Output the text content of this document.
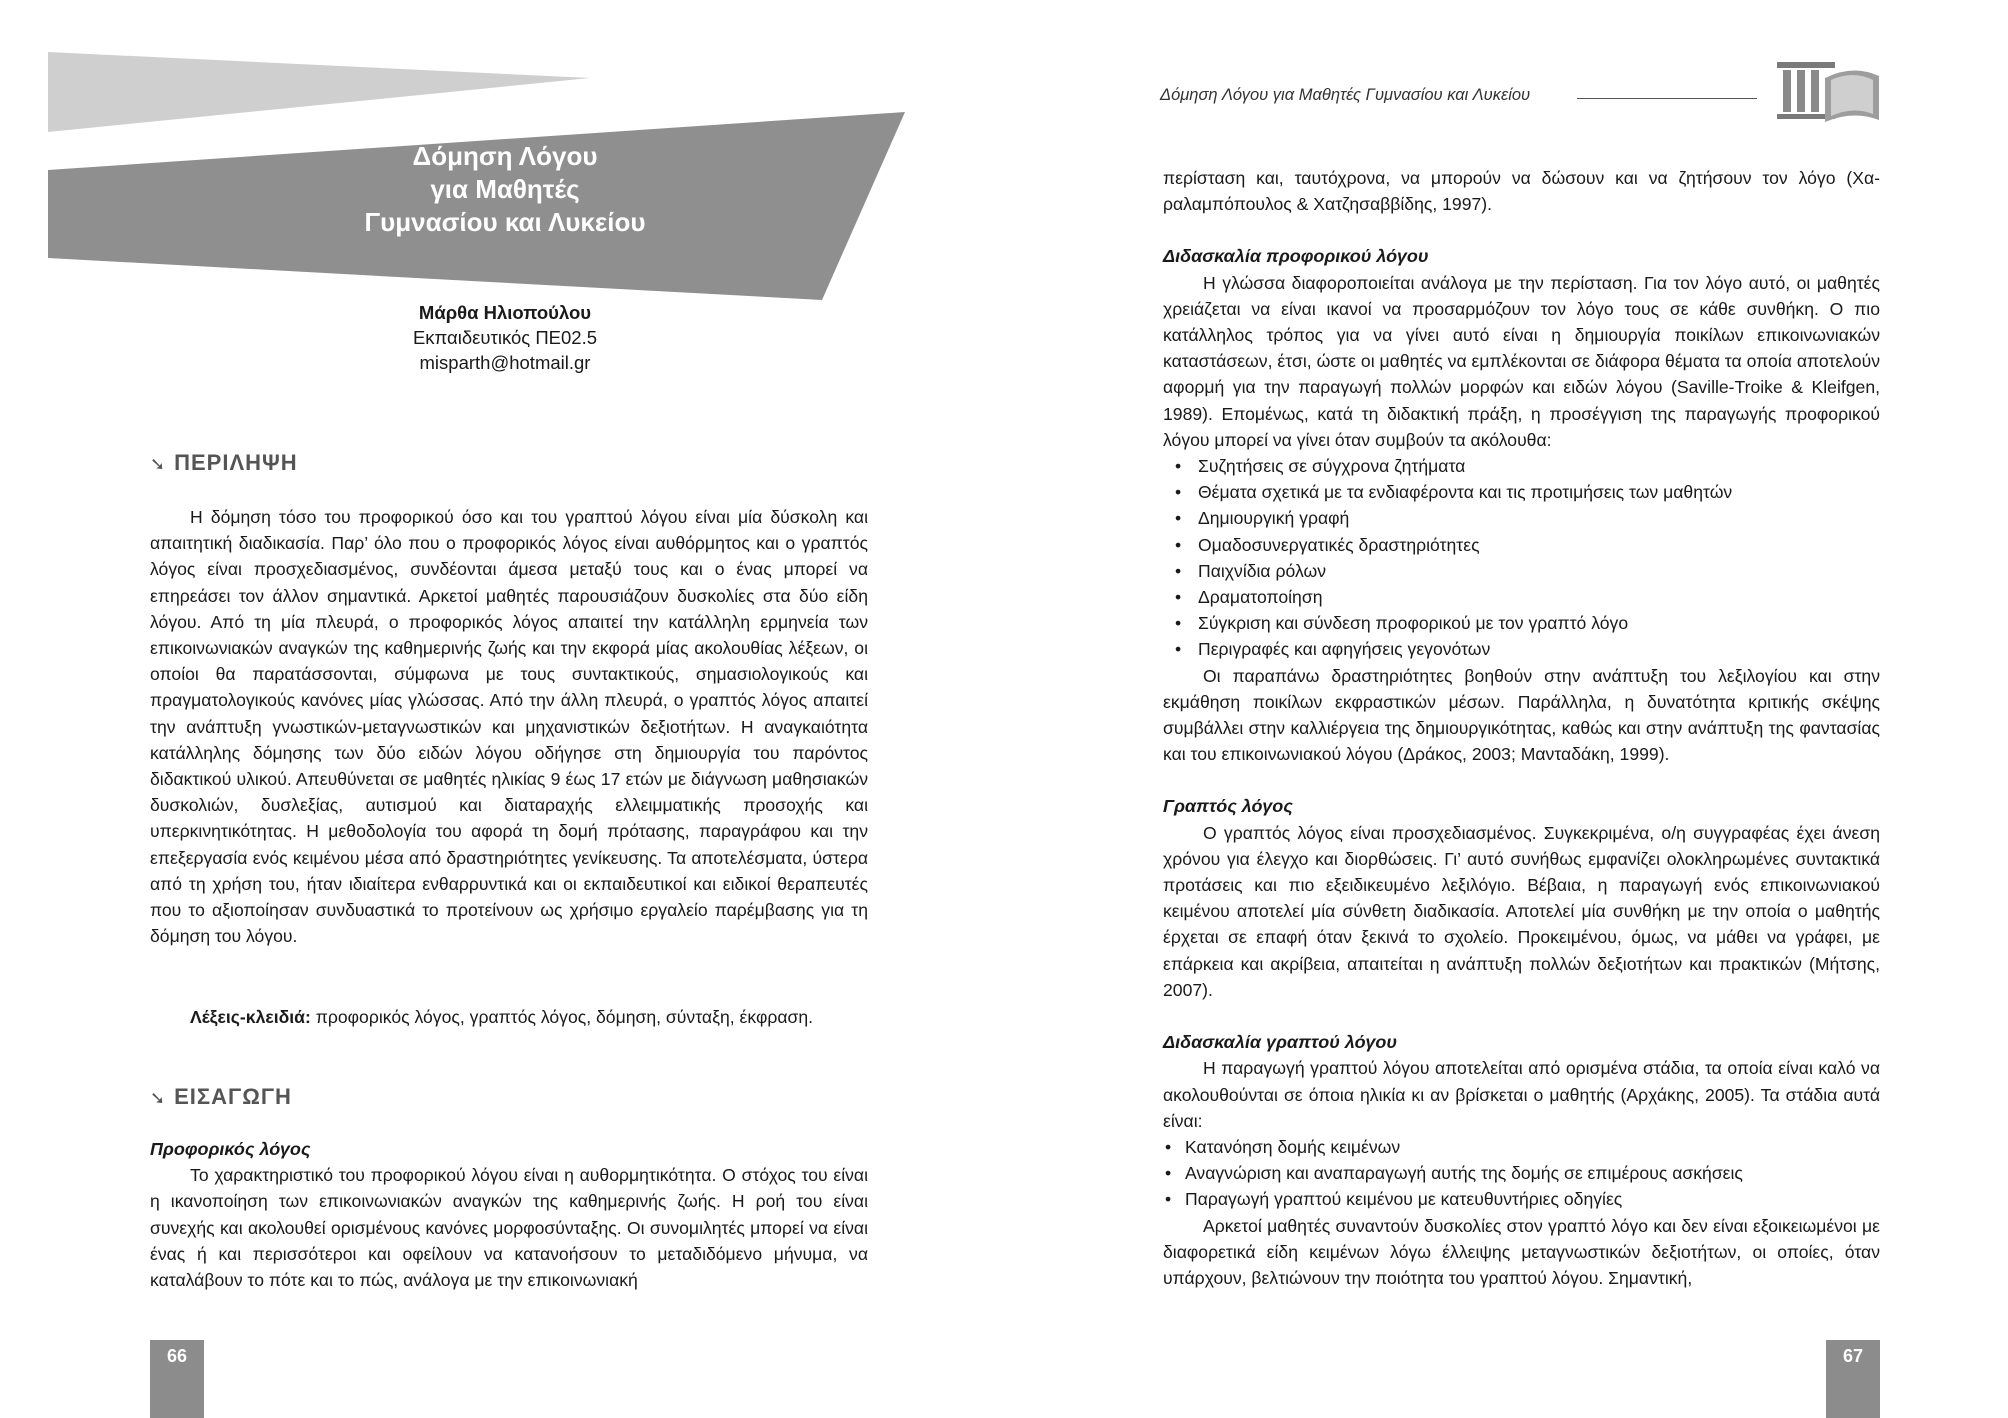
Δόμηση Λόγου
για Μαθητές
Γυμνασίου και Λυκείου
Μάρθα Ηλιοπούλου
Εκπαιδευτικός ΠΕ02.5
misparth@hotmail.gr
➘ ΠΕΡΙΛΗΨΗ

Η δόμηση τόσο του προφορικού όσο και του γραπτού λόγου είναι μία δύσκολη και απαιτητική διαδικασία. Παρ’ όλο που ο προφορικός λόγος είναι αυθόρμητος και ο γραπτός λόγος είναι προσχεδιασμένος, συνδέονται άμεσα μεταξύ τους και ο ένας μπορεί να επηρεάσει τον άλλον σημαντικά. Αρκετοί μαθητές παρουσιάζουν δυσκολίες στα δύο είδη λόγου. Από τη μία πλευρά, ο προφορικός λόγος απαιτεί την κατάλληλη ερμηνεία των επικοινωνιακών αναγκών της καθημερινής ζωής και την εκφορά μίας ακολουθίας λέξεων, οι οποίοι θα παρατάσσονται, σύμφωνα με τους συντακτικούς, σημασιολογικούς και πραγματολογικούς κανόνες μίας γλώσσας. Από την άλλη πλευρά, ο γραπτός λόγος απαιτεί την ανάπτυξη γνωστικών-μεταγνωστικών και μηχανιστικών δεξιοτήτων. Η αναγκαιότητα κατάλληλης δόμησης των δύο ειδών λόγου οδήγησε στη δημιουργία του παρόντος διδακτικού υλικού. Απευθύνεται σε μαθητές ηλικίας 9 έως 17 ετών με διάγνωση μαθησιακών δυσκολιών, δυσλεξίας, αυτισμού και διαταραχής ελλειμματικής προσοχής και υπερκινητικότητας. Η μεθοδολογία του αφορά τη δομή πρότασης, παραγράφου και την επεξεργασία ενός κειμένου μέσα από δραστηριότητες γενίκευσης. Τα αποτελέσματα, ύστερα από τη χρήση του, ήταν ιδιαίτερα ενθαρρυντικά και οι εκπαιδευτικοί και ειδικοί θεραπευτές που το αξιοποίησαν συνδυαστικά το προτείνουν ως χρήσιμο εργαλείο παρέμβασης για τη δόμηση του λόγου.

Λέξεις-κλειδιά: προφορικός λόγος, γραπτός λόγος, δόμηση, σύνταξη, έκφραση.

➘ ΕΙΣΑΓΩΓΗ

Προφορικός λόγος

Το χαρακτηριστικό του προφορικού λόγου είναι η αυθορμητικότητα. Ο στόχος του είναι η ικανοποίηση των επικοινωνιακών αναγκών της καθημερινής ζωής. Η ροή του είναι συνεχής και ακολουθεί ορισμένους κανόνες μορφοσύνταξης. Οι συνομιλητές μπορεί να είναι ένας ή και περισσότεροι και οφείλουν να κατανοήσουν το μεταδιδόμενο μήνυμα, να καταλάβουν το πότε και το πώς, ανάλογα με την επικοινωνιακή

66
Δόμηση Λόγου για Μαθητές Γυμνασίου και Λυκείου

περίσταση και, ταυτόχρονα, να μπορούν να δώσουν και να ζητήσουν τον λόγο (Χαραλαμπόπουλος & Χατζησαββίδης, 1997).

Διδασκαλία προφορικού λόγου

Η γλώσσα διαφοροποιείται ανάλογα με την περίσταση. Για τον λόγο αυτό, οι μαθητές χρειάζεται να είναι ικανοί να προσαρμόζουν τον λόγο τους σε κάθε συνθήκη. Ο πιο κατάλληλος τρόπος για να γίνει αυτό είναι η δημιουργία ποικίλων επικοινωνιακών καταστάσεων, έτσι, ώστε οι μαθητές να εμπλέκονται σε διάφορα θέματα τα οποία αποτελούν αφορμή για την παραγωγή πολλών μορφών και ειδών λόγου (Saville-Troike & Kleifgen, 1989). Επομένως, κατά τη διδακτική πράξη, η προσέγγιση της παραγωγής προφορικού λόγου μπορεί να γίνει όταν συμβούν τα ακόλουθα:

• Συζητήσεις σε σύγχρονα ζητήματα
• Θέματα σχετικά με τα ενδιαφέροντα και τις προτιμήσεις των μαθητών
• Δημιουργική γραφή
• Ομαδοσυνεργατικές δραστηριότητες
• Παιχνίδια ρόλων
• Δραματοποίηση
• Σύγκριση και σύνδεση προφορικού με τον γραπτό λόγο
• Περιγραφές και αφηγήσεις γεγονότων

Οι παραπάνω δραστηριότητες βοηθούν στην ανάπτυξη του λεξιλογίου και στην εκμάθηση ποικίλων εκφραστικών μέσων. Παράλληλα, η δυνατότητα κριτικής σκέψης συμβάλλει στην καλλιέργεια της δημιουργικότητας, καθώς και στην ανάπτυξη της φαντασίας και του επικοινωνιακού λόγου (Δράκος, 2003; Μανταδάκη, 1999).

Γραπτός λόγος

Ο γραπτός λόγος είναι προσχεδιασμένος. Συγκεκριμένα, ο/η συγγραφέας έχει άνεση χρόνου για έλεγχο και διορθώσεις. Γι’ αυτό συνήθως εμφανίζει ολοκληρωμένες συντακτικά προτάσεις και πιο εξειδικευμένο λεξιλόγιο. Βέβαια, η παραγωγή ενός επικοινωνιακού κειμένου αποτελεί μία σύνθετη διαδικασία. Αποτελεί μία συνθήκη με την οποία ο μαθητής έρχεται σε επαφή όταν ξεκινά το σχολείο. Προκειμένου, όμως, να μάθει να γράφει, με επάρκεια και ακρίβεια, απαιτείται η ανάπτυξη πολλών δεξιοτήτων και πρακτικών (Μήτσης, 2007).

Διδασκαλία γραπτού λόγου

Η παραγωγή γραπτού λόγου αποτελείται από ορισμένα στάδια, τα οποία είναι καλό να ακολουθούνται σε όποια ηλικία κι αν βρίσκεται ο μαθητής (Αρχάκης, 2005). Τα στάδια αυτά είναι:

• Κατανόηση δομής κειμένων
• Αναγνώριση και αναπαραγωγή αυτής της δομής σε επιμέρους ασκήσεις
• Παραγωγή γραπτού κειμένου με κατευθυντήριες οδηγίες

Αρκετοί μαθητές συναντούν δυσκολίες στον γραπτό λόγο και δεν είναι εξοικειωμένοι με διαφορετικά είδη κειμένων λόγω έλλειψης μεταγνωστικών δεξιοτήτων, οι οποίες, όταν υπάρχουν, βελτιώνουν την ποιότητα του γραπτού λόγου. Σημαντική,

67
